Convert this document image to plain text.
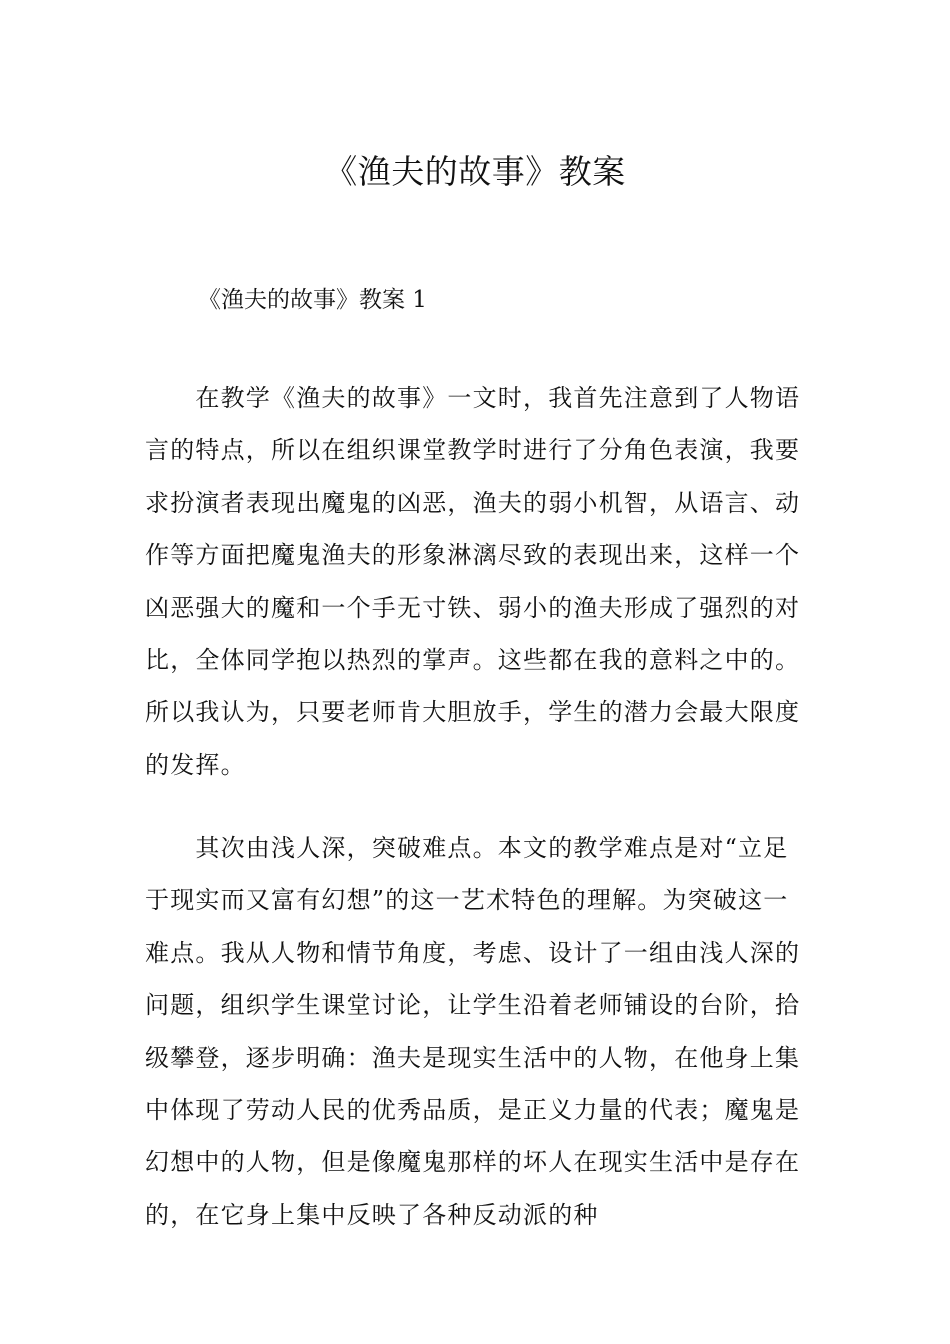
《渔夫的故事》教案
《渔夫的故事》教案 1

在教学《渔夫的故事》一文时，我首先注意到了人物语言的特点，所以在组织课堂教学时进行了分角色表演，我要求扮演者表现出魔鬼的凶恶，渔夫的弱小机智，从语言、动作等方面把魔鬼渔夫的形象淋漓尽致的表现出来，这样一个凶恶强大的魔和一个手无寸铁、弱小的渔夫形成了强烈的对比，全体同学抱以热烈的掌声。这些都在我的意料之中的。所以我认为，只要老师肯大胆放手，学生的潜力会最大限度的发挥。

其次由浅人深，突破难点。本文的教学难点是对“立足于现实而又富有幻想”的这一艺术特色的理解。为突破这一难点。我从人物和情节角度，考虑、设计了一组由浅人深的问题，组织学生课堂讨论，让学生沿着老师铺设的台阶，拾级攀登，逐步明确：渔夫是现实生活中的人物，在他身上集中体现了劳动人民的优秀品质，是正义力量的代表；魔鬼是幻想中的人物，但是像魔鬼那样的坏人在现实生活中是存在的，在它身上集中反映了各种反动派的种
